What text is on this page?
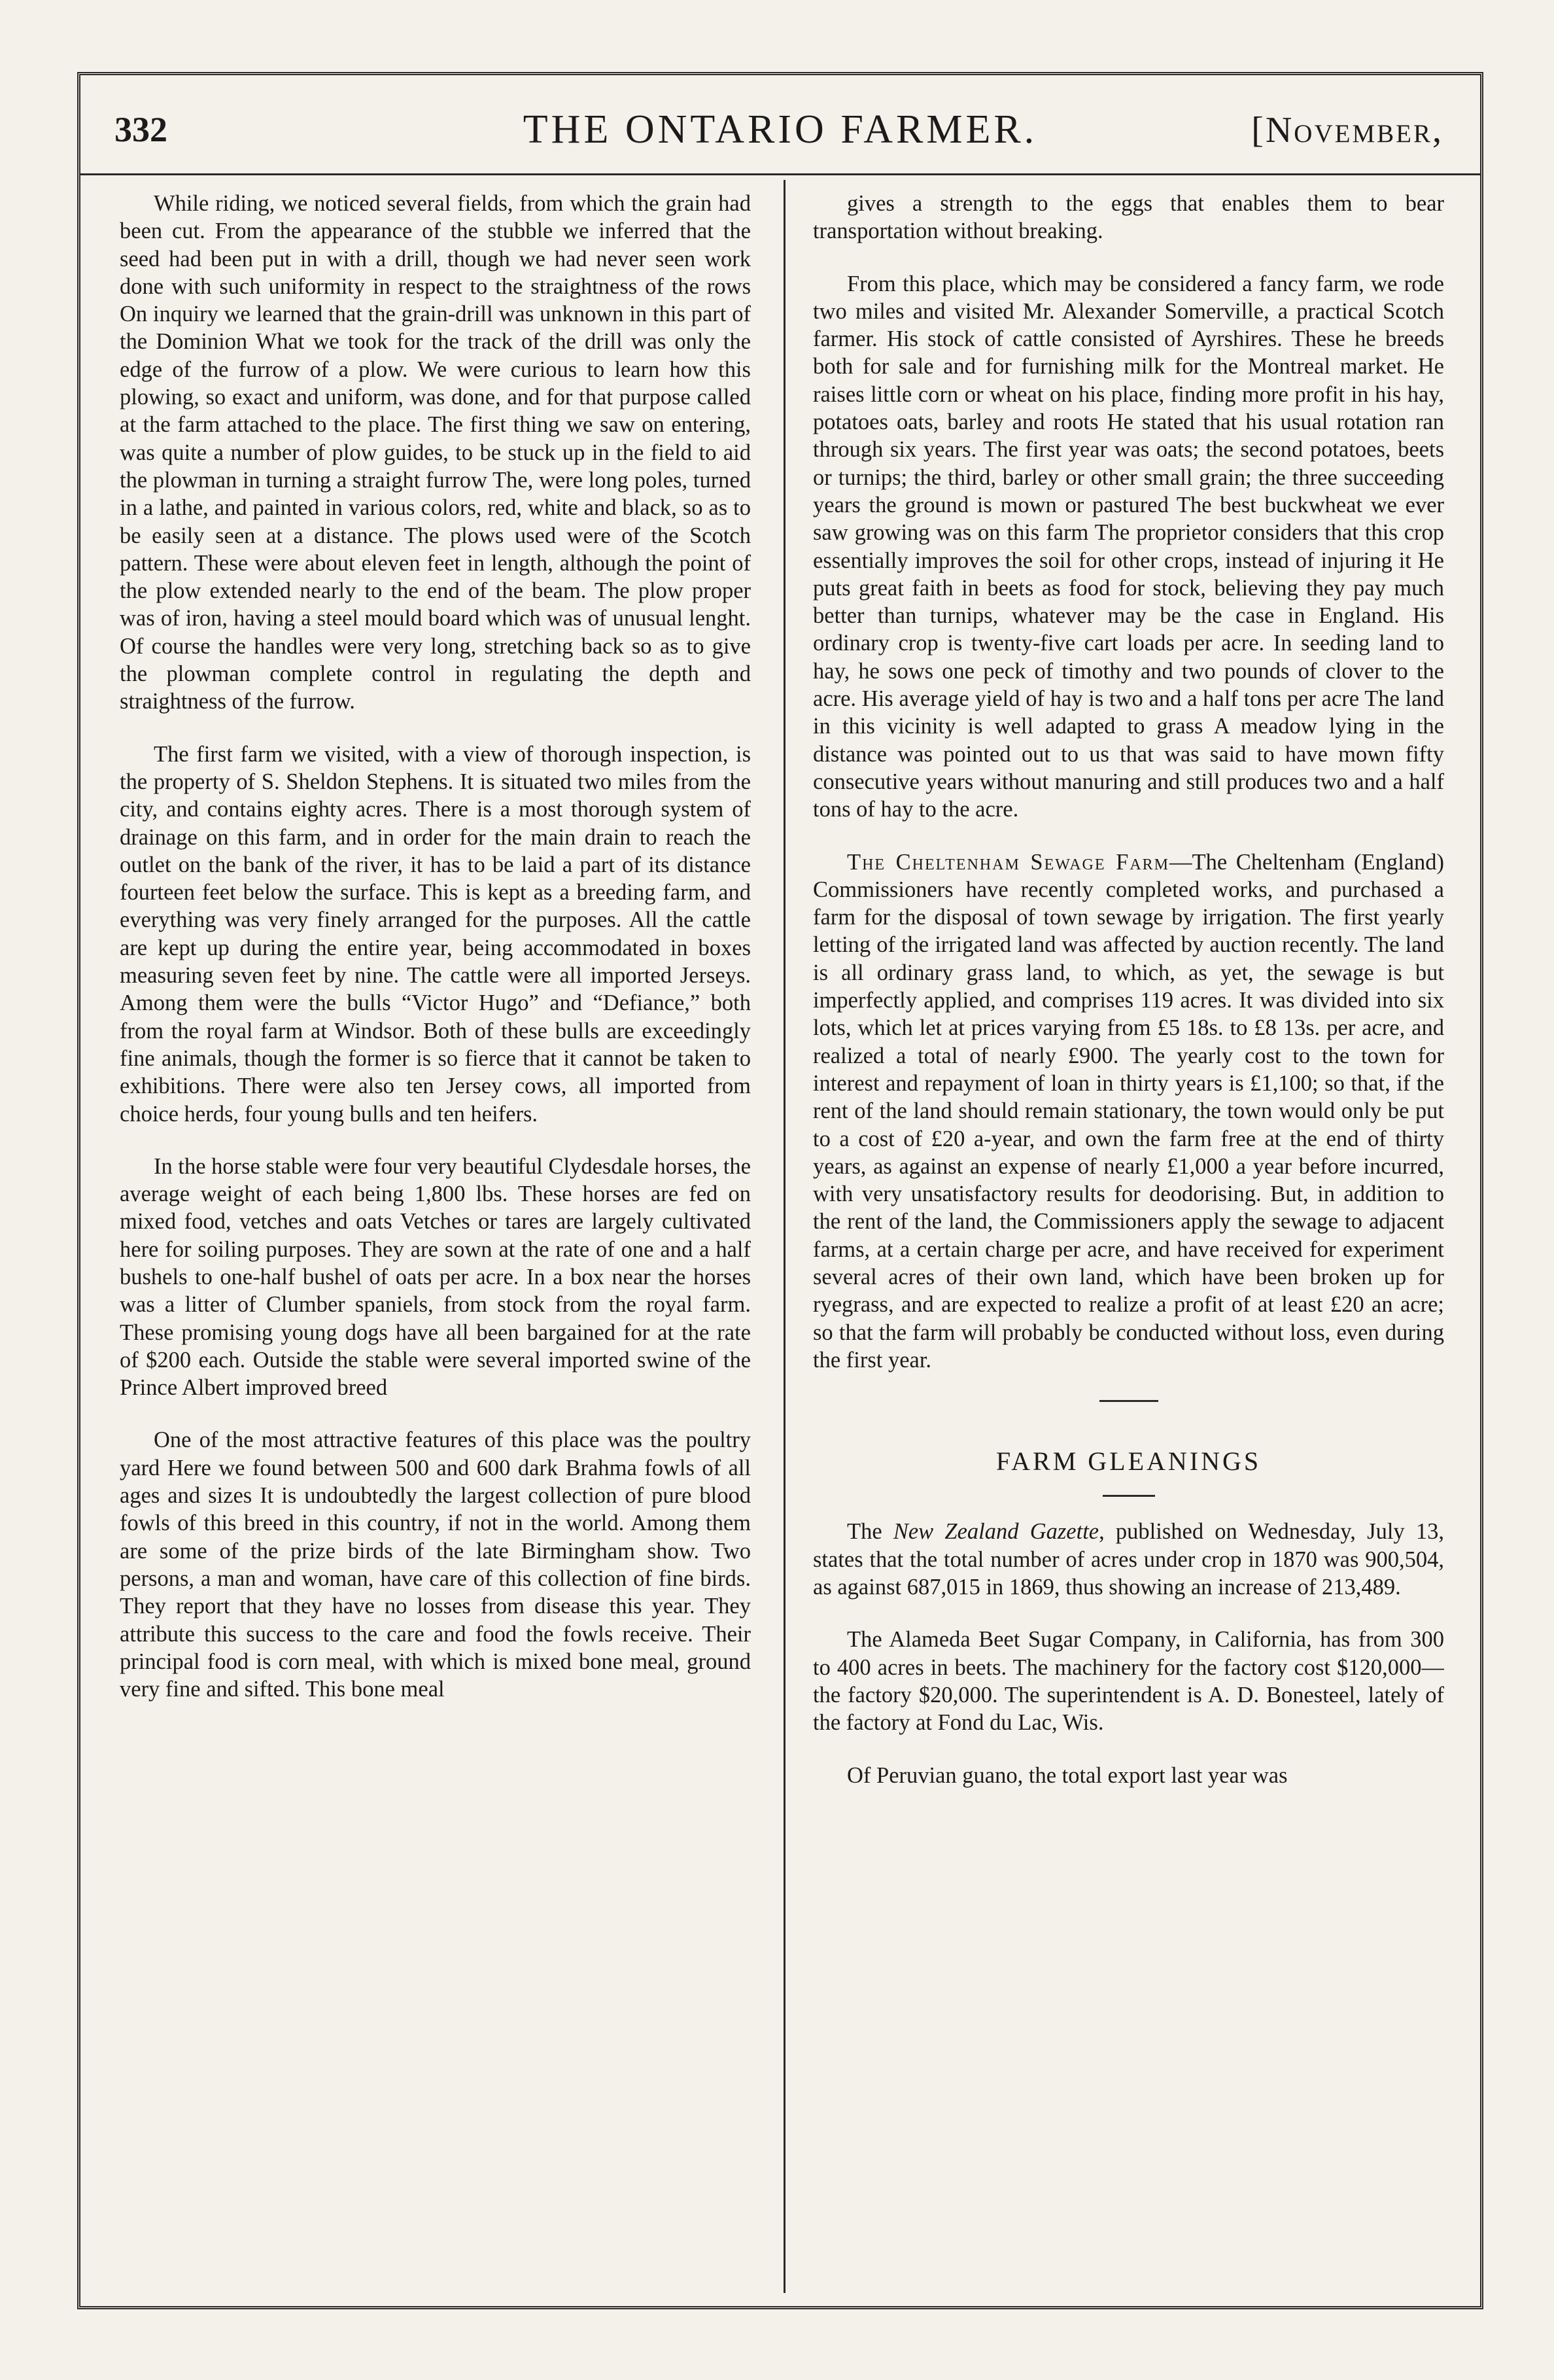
332	THE ONTARIO FARMER.	[November,

While riding, we noticed several fields, from which the grain had been cut. From the appearance of the stubble we inferred that the seed had been put in with a drill, though we had never seen work done with such uniformity in respect to the straightness of the rows On inquiry we learned that the grain-drill was unknown in this part of the Dominion What we took for the track of the drill was only the edge of the furrow of a plow. We were curious to learn how this plowing, so exact and uniform, was done, and for that purpose called at the farm attached to the place. The first thing we saw on entering, was quite a number of plow guides, to be stuck up in the field to aid the plowman in turning a straight furrow The, were long poles, turned in a lathe, and painted in various colors, red, white and black, so as to be easily seen at a distance. The plows used were of the Scotch pattern. These were about eleven feet in length, although the point of the plow extended nearly to the end of the beam. The plow proper was of iron, having a steel mould board which was of unusual lenght. Of course the handles were very long, stretching back so as to give the plowman complete control in regulating the depth and straightness of the furrow.

The first farm we visited, with a view of thorough inspection, is the property of S. Sheldon Stephens. It is situated two miles from the city, and contains eighty acres. There is a most thorough system of drainage on this farm, and in order for the main drain to reach the outlet on the bank of the river, it has to be laid a part of its distance fourteen feet below the surface. This is kept as a breeding farm, and everything was very finely arranged for the purposes. All the cattle are kept up during the entire year, being accommodated in boxes measuring seven feet by nine. The cattle were all imported Jerseys. Among them were the bulls “Victor Hugo” and “Defiance,” both from the royal farm at Windsor. Both of these bulls are exceedingly fine animals, though the former is so fierce that it cannot be taken to exhibitions. There were also ten Jersey cows, all imported from choice herds, four young bulls and ten heifers.

In the horse stable were four very beautiful Clydesdale horses, the average weight of each being 1,800 lbs. These horses are fed on mixed food, vetches and oats Vetches or tares are largely cultivated here for soiling purposes. They are sown at the rate of one and a half bushels to one-half bushel of oats per acre. In a box near the horses was a litter of Clumber spaniels, from stock from the royal farm. These promising young dogs have all been bargained for at the rate of $200 each. Outside the stable were several imported swine of the Prince Albert improved breed

One of the most attractive features of this place was the poultry yard Here we found between 500 and 600 dark Brahma fowls of all ages and sizes It is undoubtedly the largest collection of pure blood fowls of this breed in this country, if not in the world. Among them are some of the prize birds of the late Birmingham show. Two persons, a man and woman, have care of this collection of fine birds. They report that they have no losses from disease this year. They attribute this success to the care and food the fowls receive. Their principal food is corn meal, with which is mixed bone meal, ground very fine and sifted. This bone meal

gives a strength to the eggs that enables them to bear transportation without breaking.

From this place, which may be considered a fancy farm, we rode two miles and visited Mr. Alexander Somerville, a practical Scotch farmer. His stock of cattle consisted of Ayrshires. These he breeds both for sale and for furnishing milk for the Montreal market. He raises little corn or wheat on his place, finding more profit in his hay, potatoes oats, barley and roots He stated that his usual rotation ran through six years. The first year was oats; the second potatoes, beets or turnips; the third, barley or other small grain; the three succeeding years the ground is mown or pastured The best buckwheat we ever saw growing was on this farm The proprietor considers that this crop essentially improves the soil for other crops, instead of injuring it He puts great faith in beets as food for stock, believing they pay much better than turnips, whatever may be the case in England. His ordinary crop is twenty-five cart loads per acre. In seeding land to hay, he sows one peck of timothy and two pounds of clover to the acre. His average yield of hay is two and a half tons per acre The land in this vicinity is well adapted to grass A meadow lying in the distance was pointed out to us that was said to have mown fifty consecutive years without manuring and still produces two and a half tons of hay to the acre.

The Cheltenham Sewage Farm—The Cheltenham (England) Commissioners have recently completed works, and purchased a farm for the disposal of town sewage by irrigation. The first yearly letting of the irrigated land was affected by auction recently. The land is all ordinary grass land, to which, as yet, the sewage is but imperfectly applied, and comprises 119 acres. It was divided into six lots, which let at prices varying from £5 18s. to £8 13s. per acre, and realized a total of nearly £900. The yearly cost to the town for interest and repayment of loan in thirty years is £1,100; so that, if the rent of the land should remain stationary, the town would only be put to a cost of £20 a-year, and own the farm free at the end of thirty years, as against an expense of nearly £1,000 a year before incurred, with very unsatisfactory results for deodorising. But, in addition to the rent of the land, the Commissioners apply the sewage to adjacent farms, at a certain charge per acre, and have received for experiment several acres of their own land, which have been broken up for ryegrass, and are expected to realize a profit of at least £20 an acre; so that the farm will probably be conducted without loss, even during the first year.

FARM GLEANINGS

The New Zealand Gazette, published on Wednesday, July 13, states that the total number of acres under crop in 1870 was 900,504, as against 687,015 in 1869, thus showing an increase of 213,489.

The Alameda Beet Sugar Company, in California, has from 300 to 400 acres in beets. The machinery for the factory cost $120,000—the factory $20,000. The superintendent is A. D. Bonesteel, lately of the factory at Fond du Lac, Wis.

Of Peruvian guano, the total export last year was
